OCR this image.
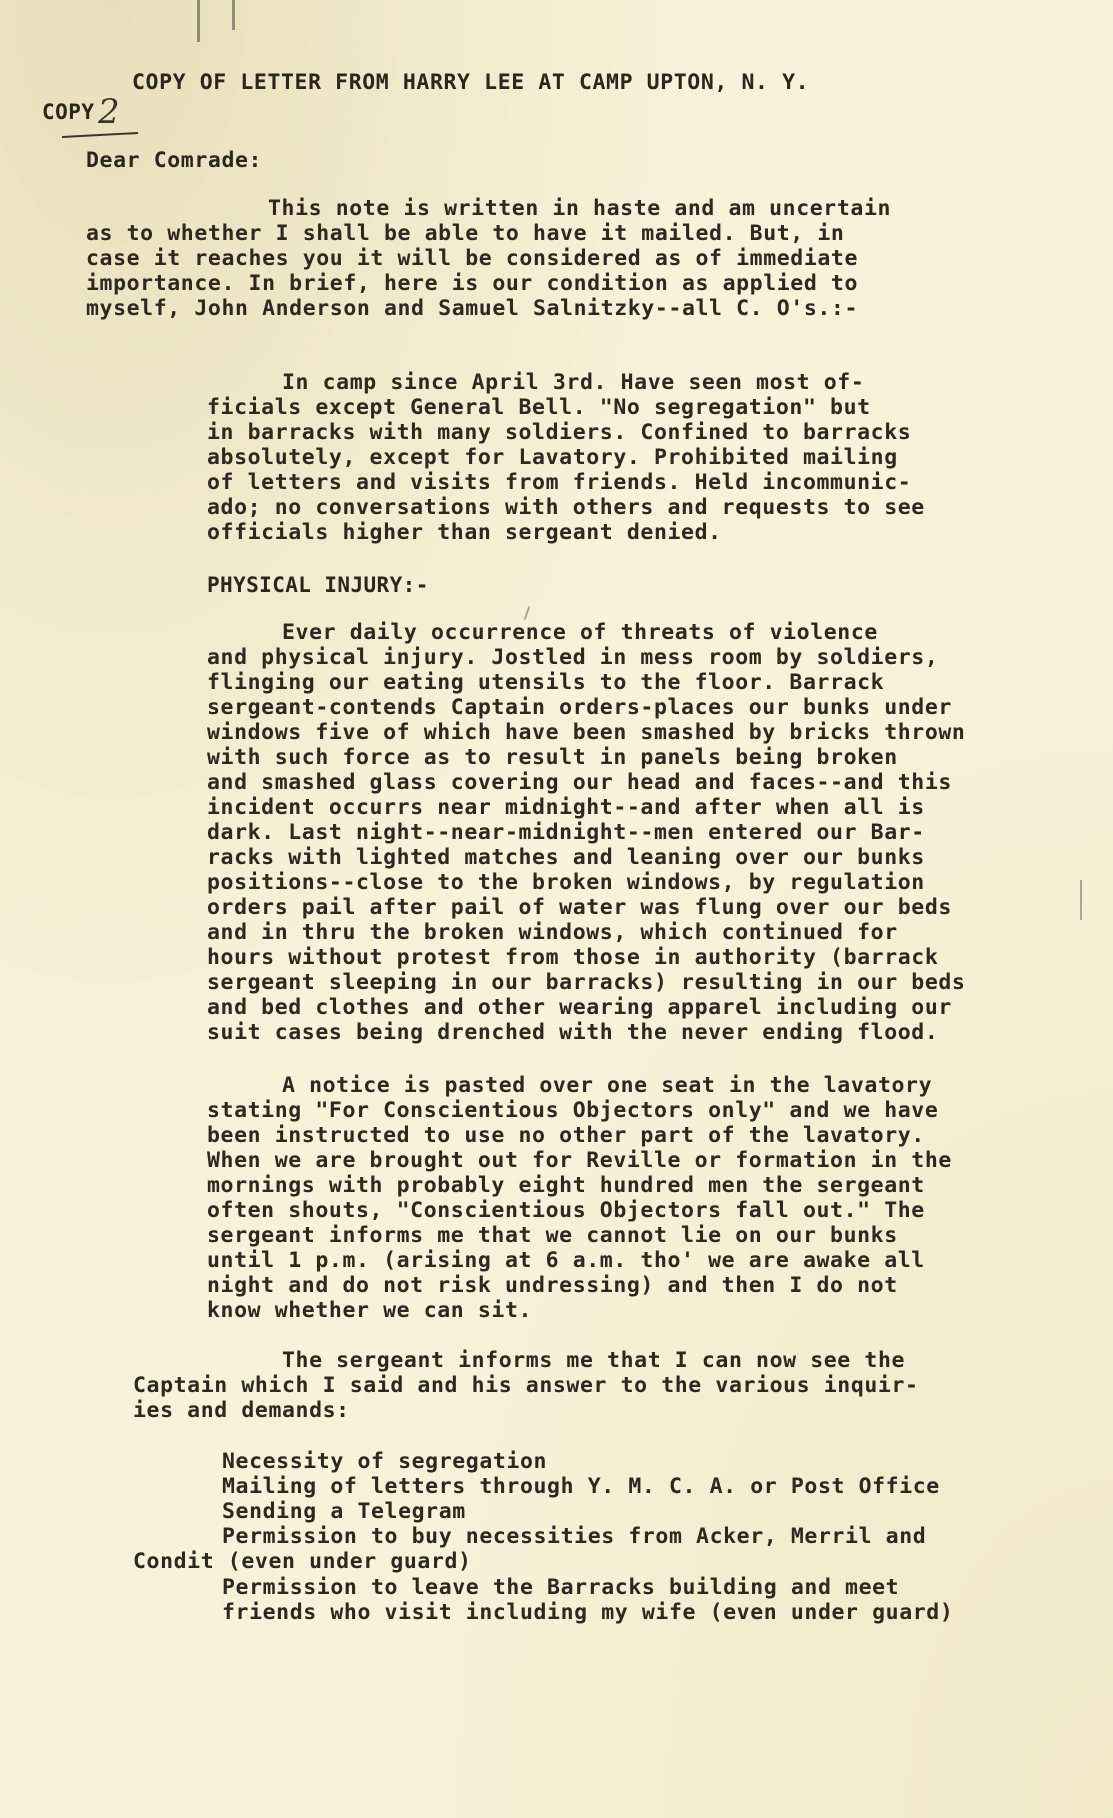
COPY OF LETTER FROM HARRY LEE AT CAMP UPTON, N. Y.
COPY 2
Dear Comrade:
This note is written in haste and am uncertain
as to whether I shall be able to have it mailed. But, in
case it reaches you it will be considered as of immediate
importance. In brief, here is our condition as applied to
myself, John Anderson and Samuel Salnitzky--all C. O's.:-
In camp since April 3rd. Have seen most of-
ficials except General Bell. "No segregation" but
in barracks with many soldiers. Confined to barracks
absolutely, except for Lavatory. Prohibited mailing
of letters and visits from friends. Held incommunic-
ado; no conversations with others and requests to see
officials higher than sergeant denied.
PHYSICAL INJURY:-
Ever daily occurrence of threats of violence
and physical injury. Jostled in mess room by soldiers,
flinging our eating utensils to the floor. Barrack
sergeant-contends Captain orders-places our bunks under
windows five of which have been smashed by bricks thrown
with such force as to result in panels being broken
and smashed glass covering our head and faces--and this
incident occurrs near midnight--and after when all is
dark. Last night--near-midnight--men entered our Bar-
racks with lighted matches and leaning over our bunks
positions--close to the broken windows, by regulation
orders pail after pail of water was flung over our beds
and in thru the broken windows, which continued for
hours without protest from those in authority (barrack
sergeant sleeping in our barracks) resulting in our beds
and bed clothes and other wearing apparel including our
suit cases being drenched with the never ending flood.
A notice is pasted over one seat in the lavatory
stating "For Conscientious Objectors only" and we have
been instructed to use no other part of the lavatory.
When we are brought out for Reville or formation in the
mornings with probably eight hundred men the sergeant
often shouts, "Conscientious Objectors fall out." The
sergeant informs me that we cannot lie on our bunks
until 1 p.m. (arising at 6 a.m. tho' we are awake all
night and do not risk undressing) and then I do not
know whether we can sit.
The sergeant informs me that I can now see the
Captain which I said and his answer to the various inquir-
ies and demands:
Necessity of segregation
Mailing of letters through Y. M. C. A. or Post Office
Sending a Telegram
Permission to buy necessities from Acker, Merril and
Condit (even under guard)
Permission to leave the Barracks building and meet
friends who visit including my wife (even under guard)
